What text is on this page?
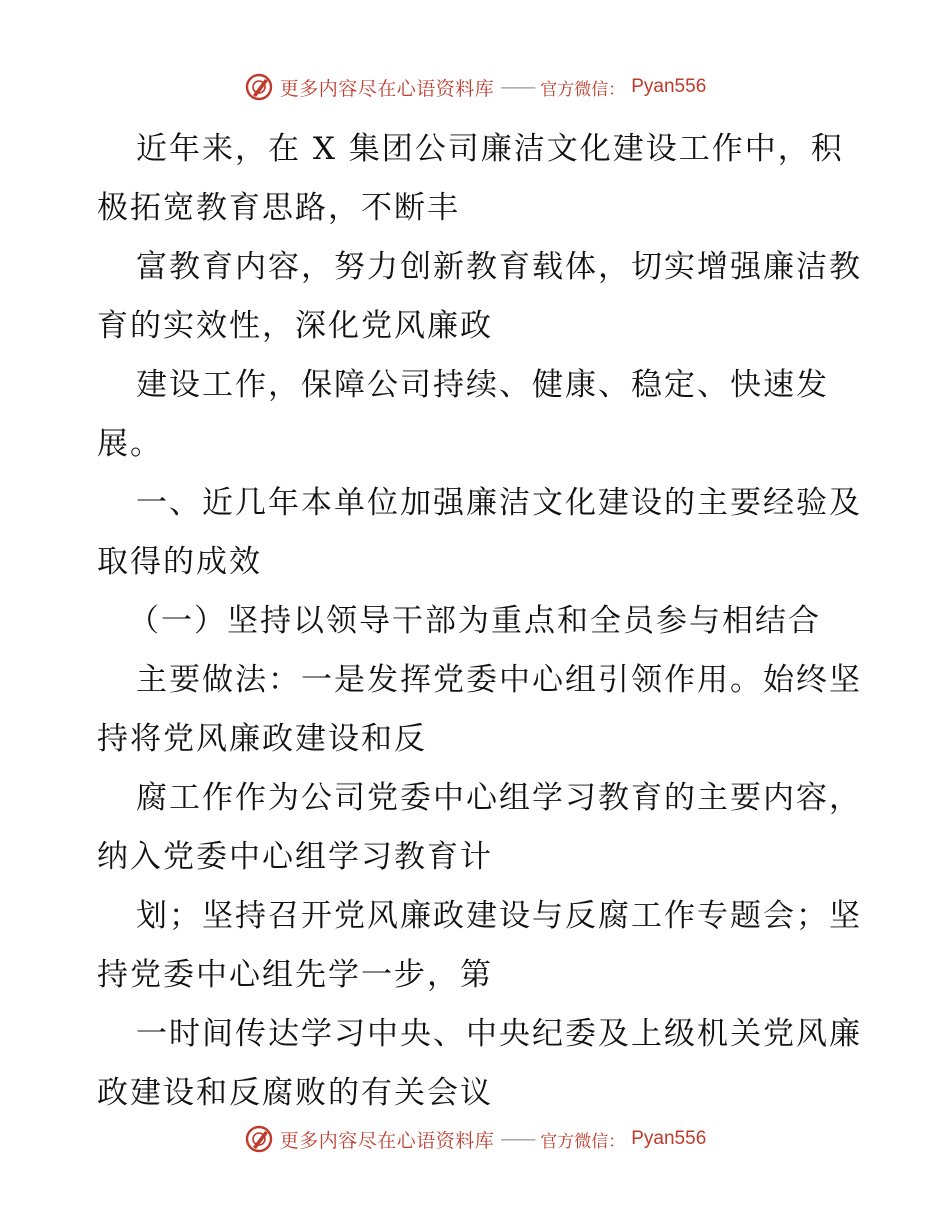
更多内容尽在心语资料库 —— 官方微信： Pyan556

近年来，在 X 集团公司廉洁文化建设工作中，积极拓宽教育思路，不断丰

富教育内容，努力创新教育载体，切实增强廉洁教育的实效性，深化党风廉政

建设工作，保障公司持续、健康、稳定、快速发展。

一、近几年本单位加强廉洁文化建设的主要经验及取得的成效

（一）坚持以领导干部为重点和全员参与相结合

主要做法：一是发挥党委中心组引领作用。始终坚持将党风廉政建设和反

腐工作作为公司党委中心组学习教育的主要内容，纳入党委中心组学习教育计

划；坚持召开党风廉政建设与反腐工作专题会；坚持党委中心组先学一步，第

一时间传达学习中央、中央纪委及上级机关党风廉政建设和反腐败的有关会议

更多内容尽在心语资料库 —— 官方微信： Pyan556
